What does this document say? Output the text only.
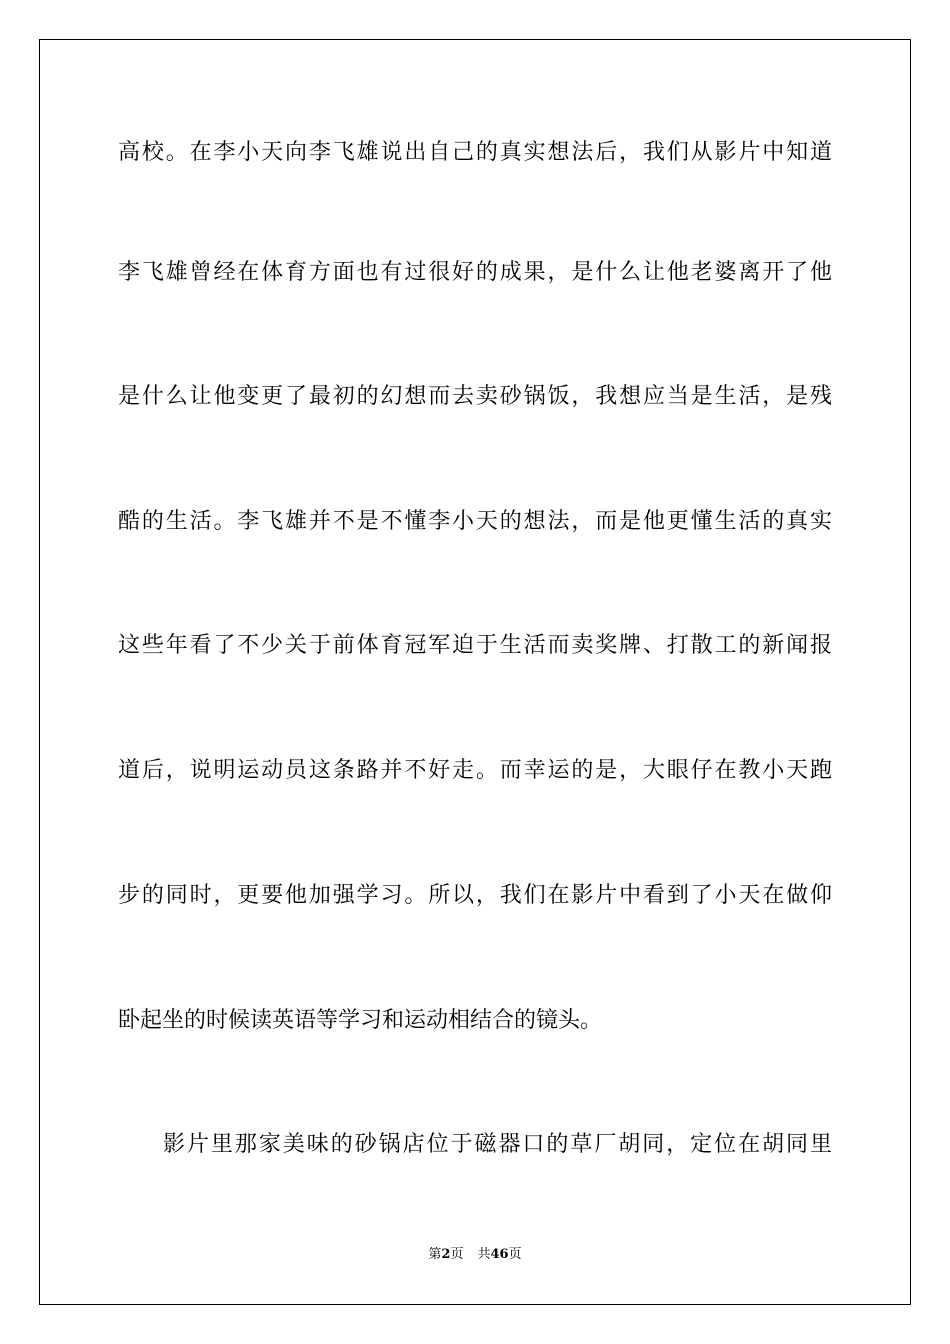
高校。在李小天向李飞雄说出自己的真实想法后，我们从影片中知道
李飞雄曾经在体育方面也有过很好的成果，是什么让他老婆离开了他
是什么让他变更了最初的幻想而去卖砂锅饭，我想应当是生活，是残
酷的生活。李飞雄并不是不懂李小天的想法，而是他更懂生活的真实
这些年看了不少关于前体育冠军迫于生活而卖奖牌、打散工的新闻报
道后，说明运动员这条路并不好走。而幸运的是，大眼仔在教小天跑
步的同时，更要他加强学习。所以，我们在影片中看到了小天在做仰
卧起坐的时候读英语等学习和运动相结合的镜头。
影片里那家美味的砂锅店位于磁器口的草厂胡同，定位在胡同里
第2页 共46页
